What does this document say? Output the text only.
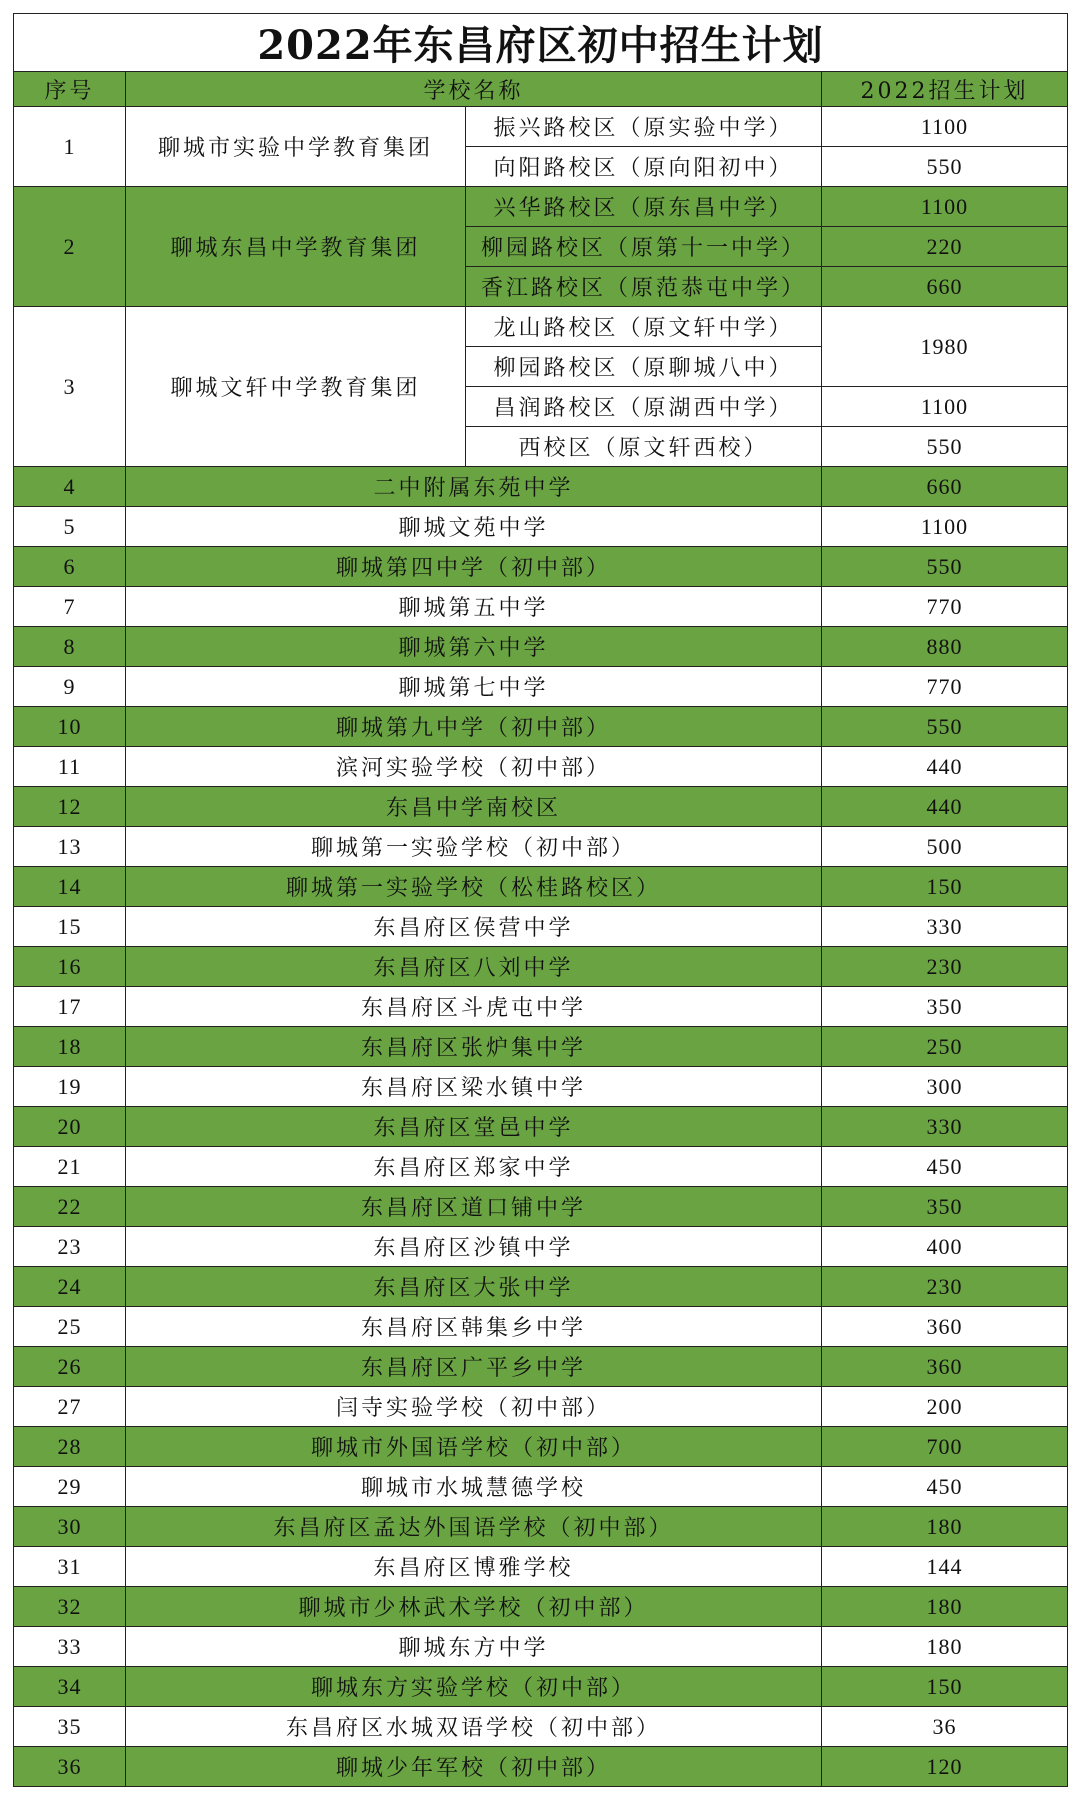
2022年东昌府区初中招生计划			
序号	学校名称		2022招生计划
1	聊城市实验中学教育集团	振兴路校区（原实验中学）	1100
		向阳路校区（原向阳初中）	550
2	聊城东昌中学教育集团	兴华路校区（原东昌中学）	1100
		柳园路校区（原第十一中学）	220
		香江路校区（原范恭屯中学）	660
3	聊城文轩中学教育集团	龙山路校区（原文轩中学）	1980
		柳园路校区（原聊城八中）	
		昌润路校区（原湖西中学）	1100
		西校区（原文轩西校）	550
4	二中附属东苑中学		660
5	聊城文苑中学		1100
6	聊城第四中学（初中部）		550
7	聊城第五中学		770
8	聊城第六中学		880
9	聊城第七中学		770
10	聊城第九中学（初中部）		550
11	滨河实验学校（初中部）		440
12	东昌中学南校区		440
13	聊城第一实验学校（初中部）		500
14	聊城第一实验学校（松桂路校区）		150
15	东昌府区侯营中学		330
16	东昌府区八刘中学		230
17	东昌府区斗虎屯中学		350
18	东昌府区张炉集中学		250
19	东昌府区梁水镇中学		300
20	东昌府区堂邑中学		330
21	东昌府区郑家中学		450
22	东昌府区道口铺中学		350
23	东昌府区沙镇中学		400
24	东昌府区大张中学		230
25	东昌府区韩集乡中学		360
26	东昌府区广平乡中学		360
27	闫寺实验学校（初中部）		200
28	聊城市外国语学校（初中部）		700
29	聊城市水城慧德学校		450
30	东昌府区孟达外国语学校（初中部）		180
31	东昌府区博雅学校		144
32	聊城市少林武术学校（初中部）		180
33	聊城东方中学		180
34	聊城东方实验学校（初中部）		150
35	东昌府区水城双语学校（初中部）		36
36	聊城少年军校（初中部）		120
